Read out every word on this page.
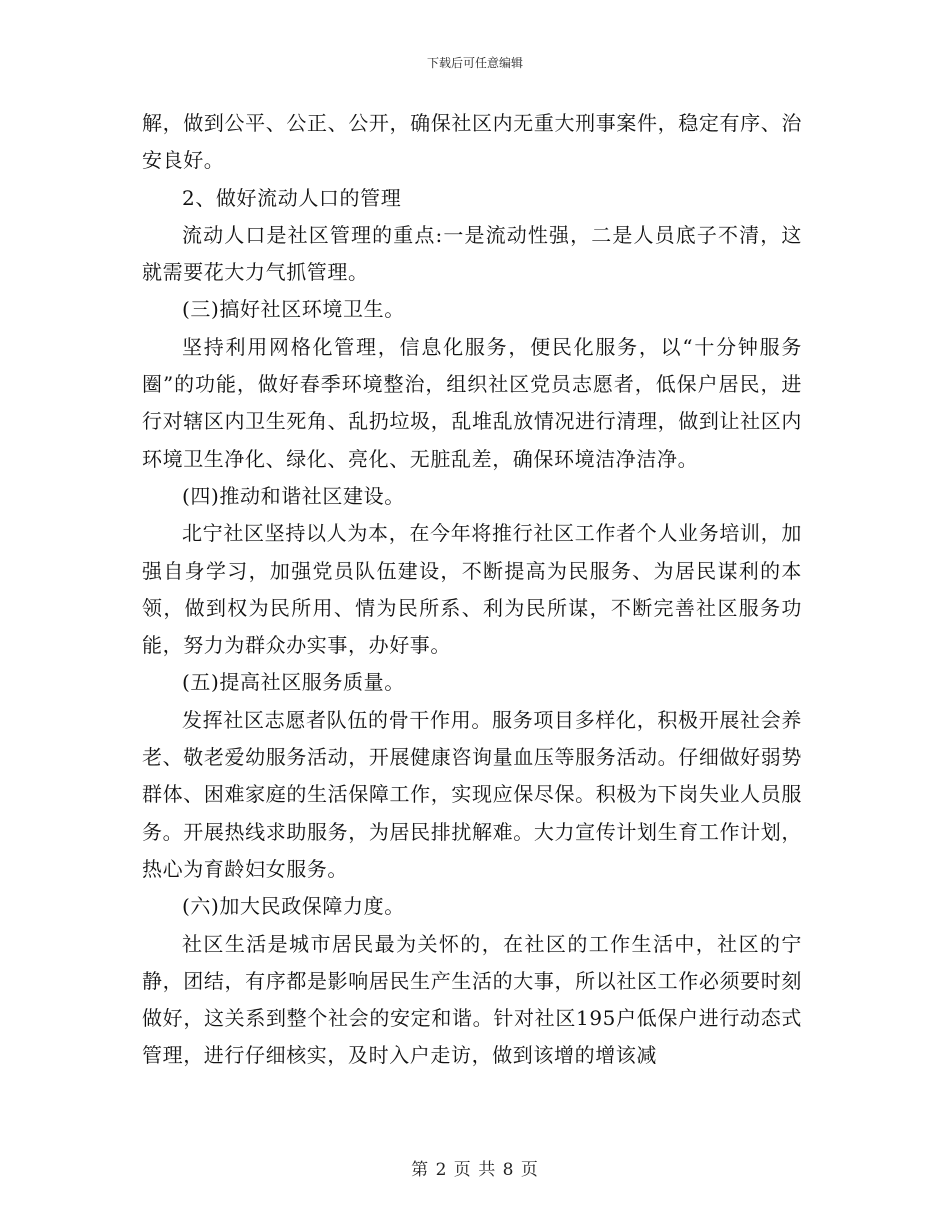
下载后可任意编辑

解，做到公平、公正、公开，确保社区内无重大刑事案件，稳定有序、治安良好。

2、做好流动人口的管理

流动人口是社区管理的重点:一是流动性强，二是人员底子不清，这就需要花大力气抓管理。

(三)搞好社区环境卫生。

坚持利用网格化管理，信息化服务，便民化服务，以“十分钟服务圈”的功能，做好春季环境整治，组织社区党员志愿者，低保户居民，进行对辖区内卫生死角、乱扔垃圾，乱堆乱放情况进行清理，做到让社区内环境卫生净化、绿化、亮化、无脏乱差，确保环境洁净洁净。

(四)推动和谐社区建设。

北宁社区坚持以人为本，在今年将推行社区工作者个人业务培训，加强自身学习，加强党员队伍建设，不断提高为民服务、为居民谋利的本领，做到权为民所用、情为民所系、利为民所谋，不断完善社区服务功能，努力为群众办实事，办好事。

(五)提高社区服务质量。

发挥社区志愿者队伍的骨干作用。服务项目多样化，积极开展社会养老、敬老爱幼服务活动，开展健康咨询量血压等服务活动。仔细做好弱势群体、困难家庭的生活保障工作，实现应保尽保。积极为下岗失业人员服务。开展热线求助服务，为居民排扰解难。大力宣传计划生育工作计划，热心为育龄妇女服务。

(六)加大民政保障力度。

社区生活是城市居民最为关怀的，在社区的工作生活中，社区的宁静，团结，有序都是影响居民生产生活的大事，所以社区工作必须要时刻做好，这关系到整个社会的安定和谐。针对社区195户低保户进行动态式管理，进行仔细核实，及时入户走访，做到该增的增该减

第 2 页 共 8 页
